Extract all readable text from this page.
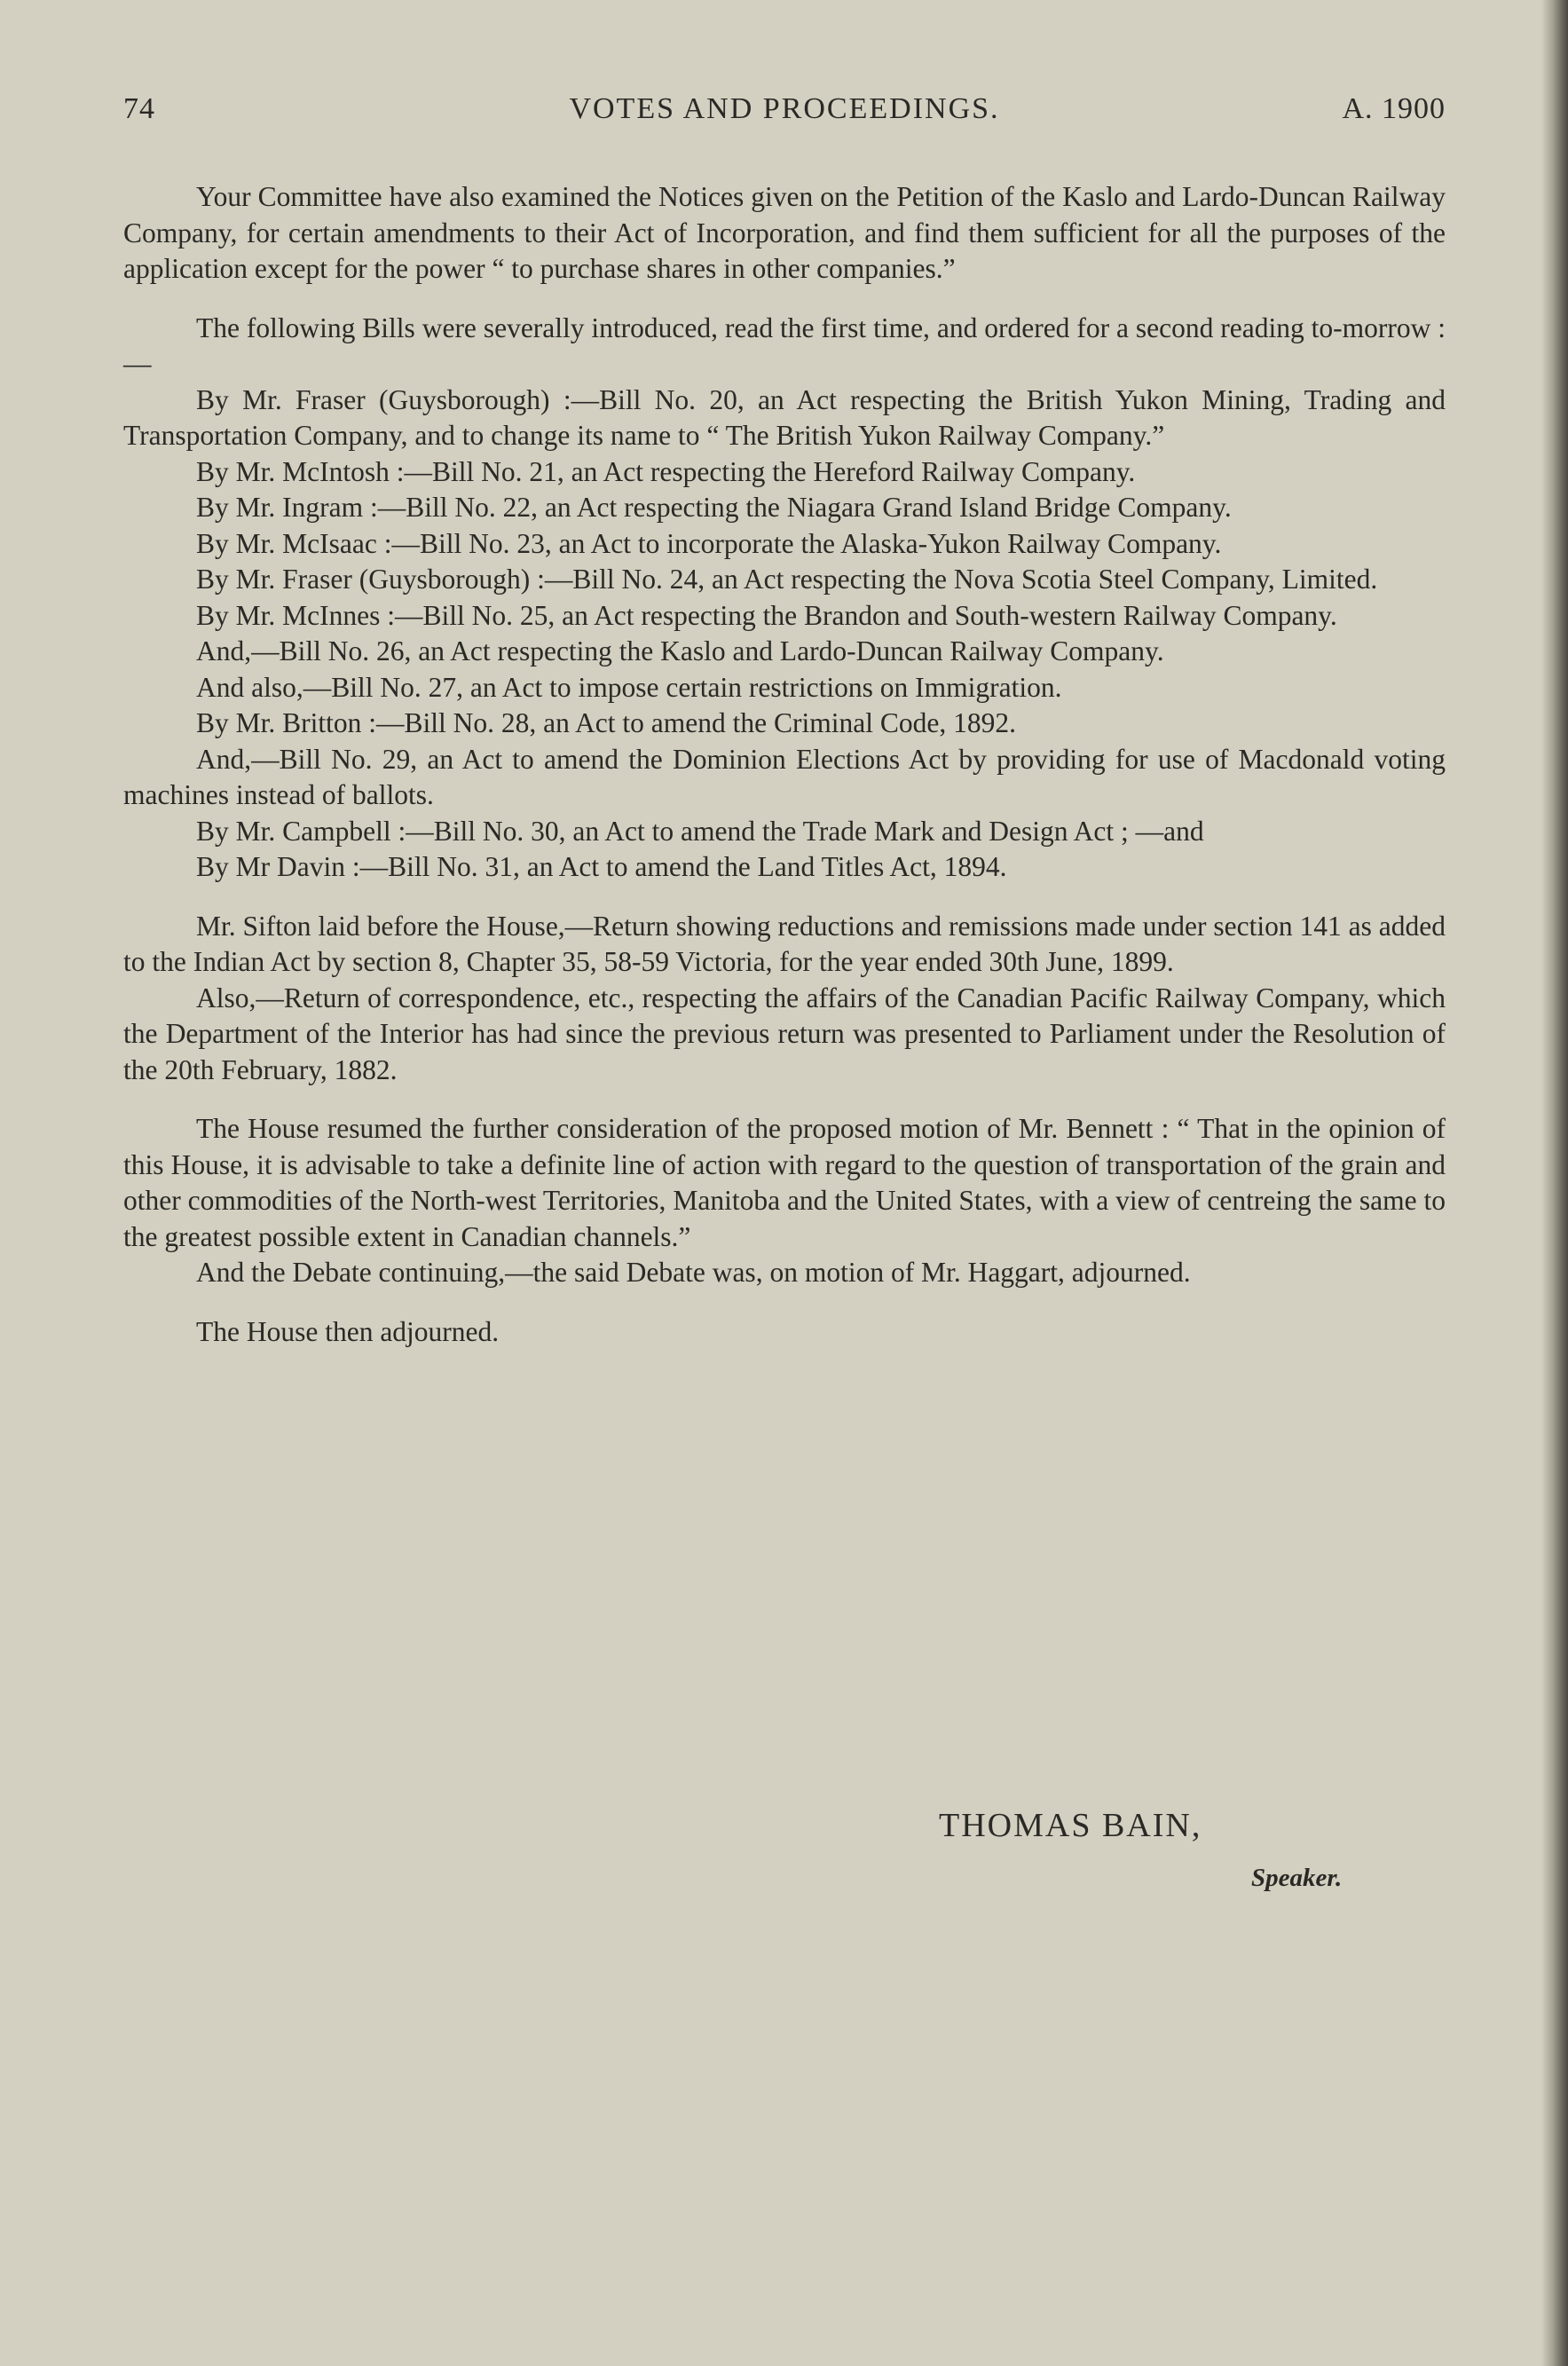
74	VOTES AND PROCEEDINGS.	A. 1900

Your Committee have also examined the Notices given on the Petition of the Kaslo and Lardo-Duncan Railway Company, for certain amendments to their Act of Incorporation, and find them sufficient for all the purposes of the application except for the power “ to purchase shares in other companies.”

The following Bills were severally introduced, read the first time, and ordered for a second reading to-morrow :—

By Mr. Fraser (Guysborough) :—Bill No. 20, an Act respecting the British Yukon Mining, Trading and Transportation Company, and to change its name to “ The British Yukon Railway Company.”

By Mr. McIntosh :—Bill No. 21, an Act respecting the Hereford Railway Company.

By Mr. Ingram :—Bill No. 22, an Act respecting the Niagara Grand Island Bridge Company.

By Mr. McIsaac :—Bill No. 23, an Act to incorporate the Alaska-Yukon Railway Company.

By Mr. Fraser (Guysborough) :—Bill No. 24, an Act respecting the Nova Scotia Steel Company, Limited.

By Mr. McInnes :—Bill No. 25, an Act respecting the Brandon and South-western Railway Company.

And,—Bill No. 26, an Act respecting the Kaslo and Lardo-Duncan Railway Company.

And also,—Bill No. 27, an Act to impose certain restrictions on Immigration.

By Mr. Britton :—Bill No. 28, an Act to amend the Criminal Code, 1892.

And,—Bill No. 29, an Act to amend the Dominion Elections Act by providing for use of Macdonald voting machines instead of ballots.

By Mr. Campbell :—Bill No. 30, an Act to amend the Trade Mark and Design Act ; —and

By Mr Davin :—Bill No. 31, an Act to amend the Land Titles Act, 1894.

Mr. Sifton laid before the House,—Return showing reductions and remissions made under section 141 as added to the Indian Act by section 8, Chapter 35, 58-59 Victoria, for the year ended 30th June, 1899.

Also,—Return of correspondence, etc., respecting the affairs of the Canadian Pacific Railway Company, which the Department of the Interior has had since the previous return was presented to Parliament under the Resolution of the 20th February, 1882.

The House resumed the further consideration of the proposed motion of Mr. Bennett : “ That in the opinion of this House, it is advisable to take a definite line of action with regard to the question of transportation of the grain and other commodities of the North-west Territories, Manitoba and the United States, with a view of centreing the same to the greatest possible extent in Canadian channels.”

And the Debate continuing,—the said Debate was, on motion of Mr. Haggart, adjourned.

The House then adjourned.

THOMAS BAIN,
Speaker.
